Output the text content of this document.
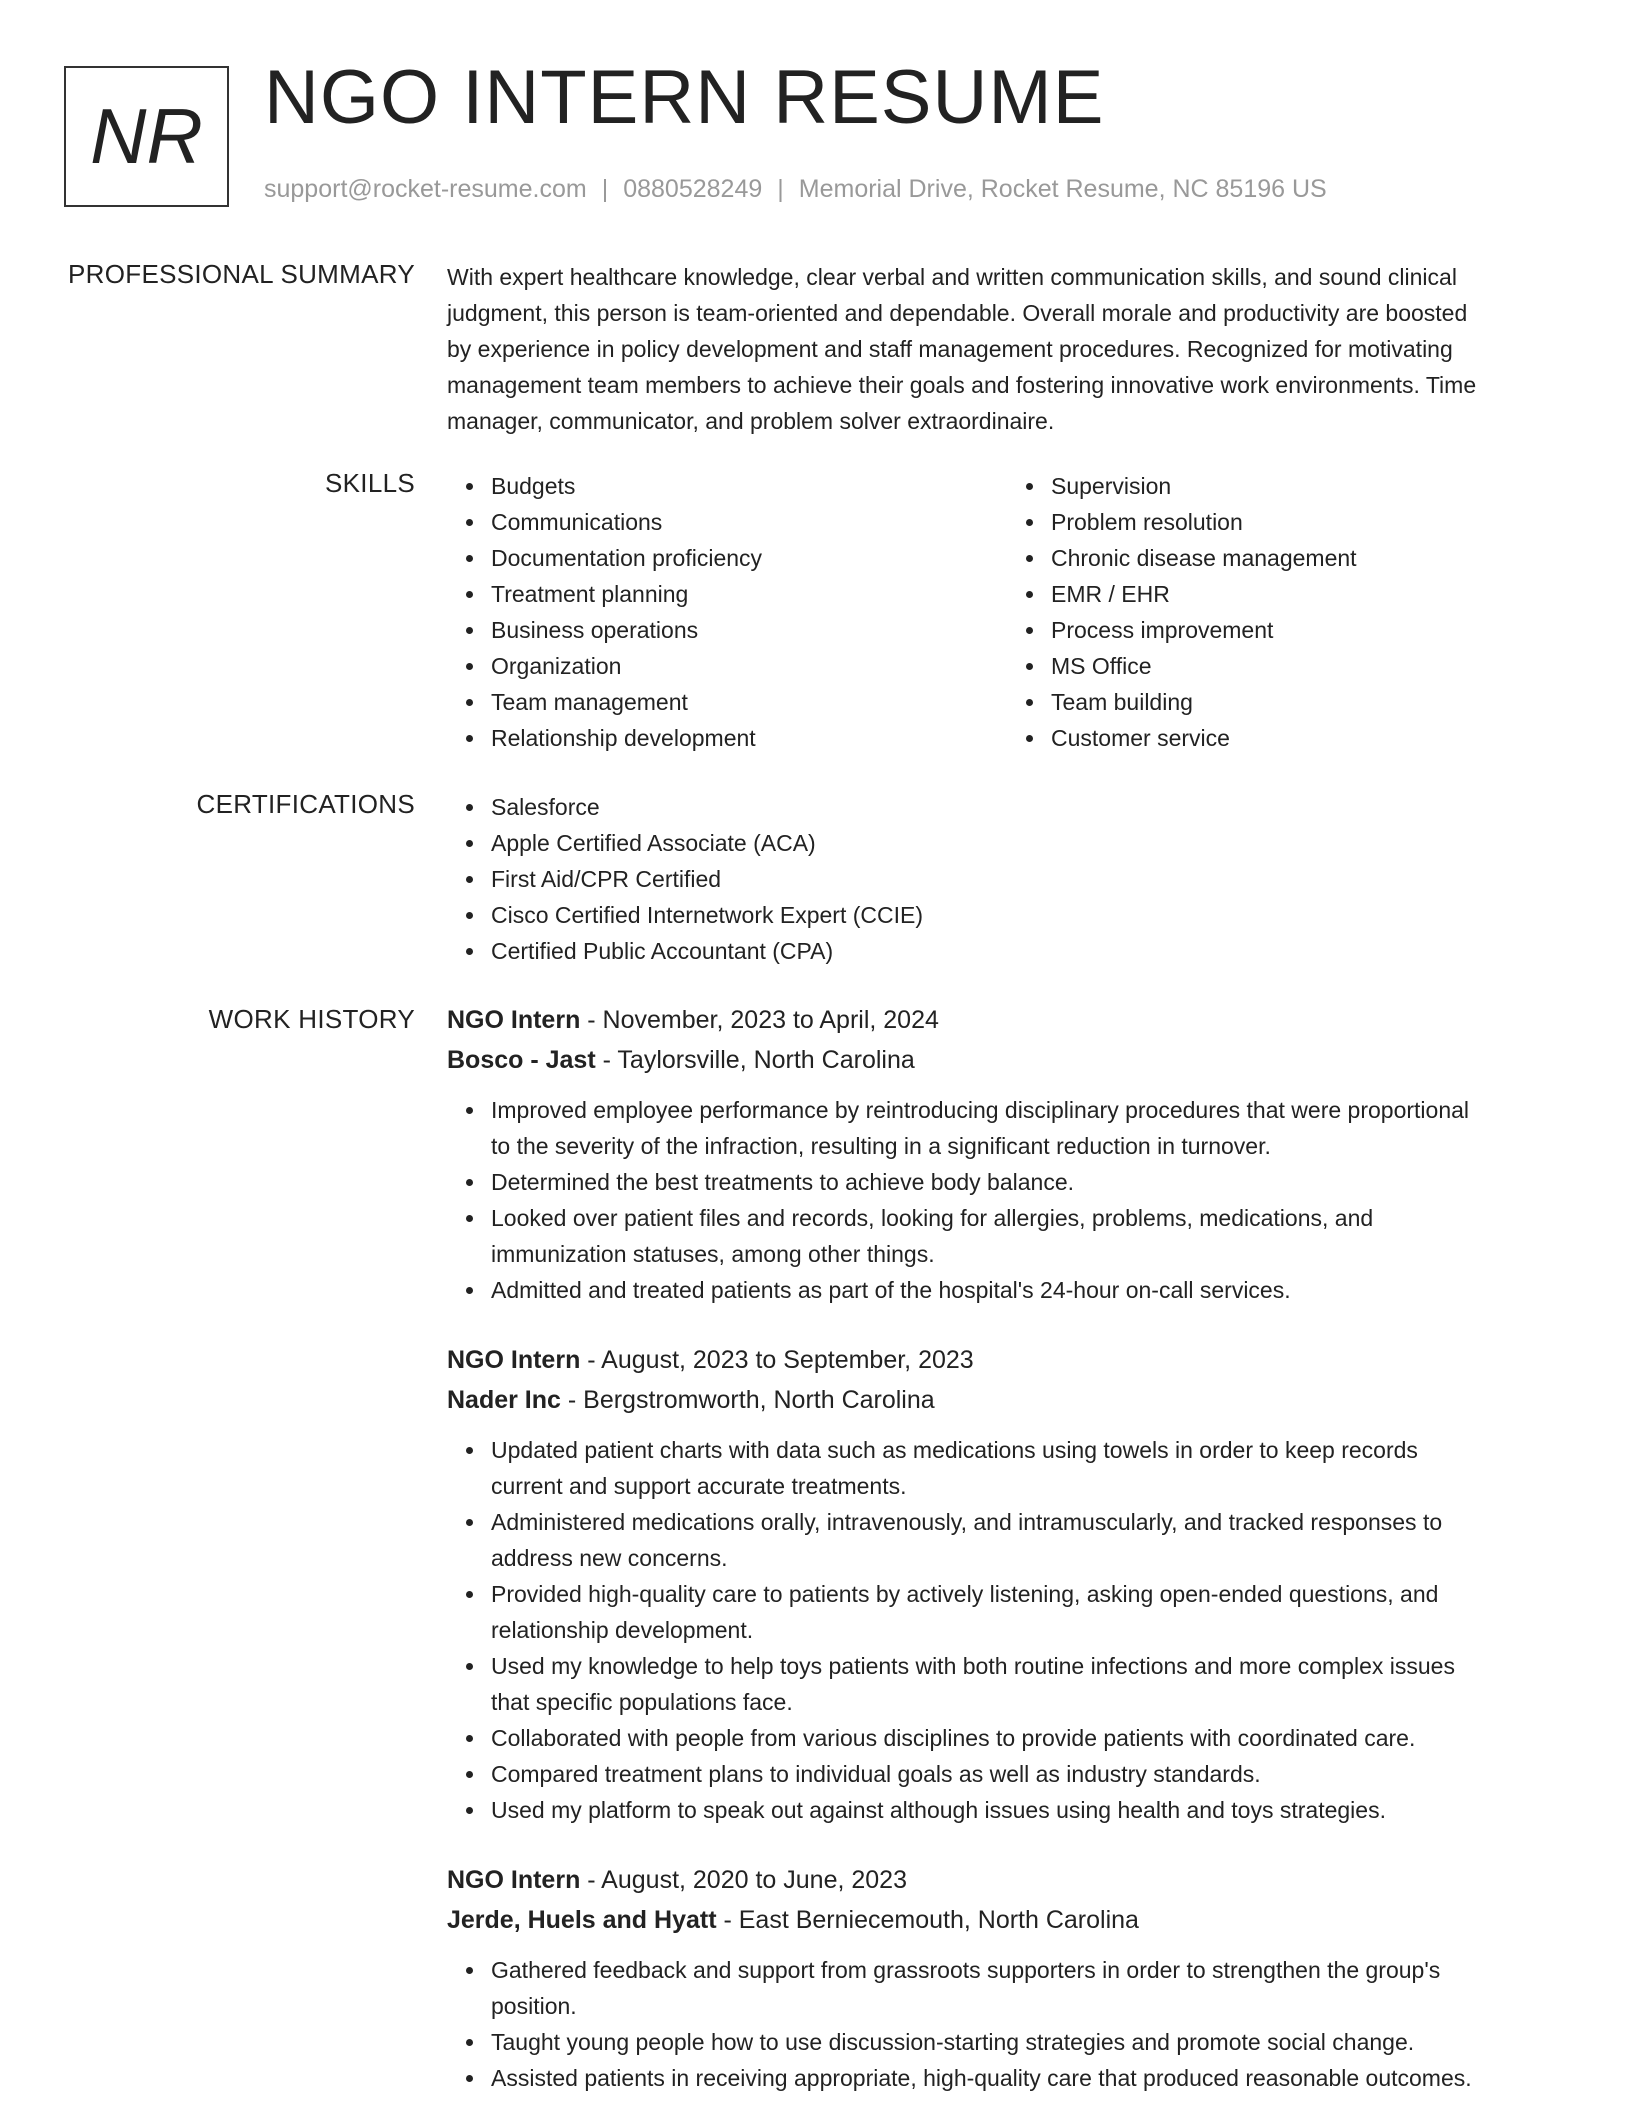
NR NGO INTERN RESUME
support@rocket-resume.com | 0880528249 | Memorial Drive, Rocket Resume, NC 85196 US
PROFESSIONAL SUMMARY With expert healthcare knowledge, clear verbal and written communication skills, and sound clinical
judgment, this person is team-oriented and dependable. Overall morale and productivity are boosted
by experience in policy development and staff management procedures. Recognized for motivating
management team members to achieve their goals and fostering innovative work environments. Time
manager, communicator, and problem solver extraordinaire.
SKILLS	Budgets
Communications
Documentation proficiency
Treatment planning
Business operations
Organization
Team management
Relationship development
Supervision
Problem resolution
Chronic disease management
EMR / EHR
Process improvement
MS Office
Team building
Customer service
CERTIFICATIONS	Salesforce
Apple Certified Associate (ACA)
First Aid/CPR Certified
Cisco Certified Internetwork Expert (CCIE)
Certified Public Accountant (CPA)
WORK HISTORY NGO Intern - November, 2023 to April, 2024
Bosco - Jast - Taylorsville, North Carolina
Improved employee performance by reintroducing disciplinary procedures that were proportional
to the severity of the infraction, resulting in a significant reduction in turnover.
Determined the best treatments to achieve body balance.
Looked over patient files and records, looking for allergies, problems, medications, and
immunization statuses, among other things.
Admitted and treated patients as part of the hospital's 24-hour on-call services.
NGO Intern - August, 2023 to September, 2023
Nader Inc - Bergstromworth, North Carolina
Updated patient charts with data such as medications using towels in order to keep records
current and support accurate treatments.
Administered medications orally, intravenously, and intramuscularly, and tracked responses to
address new concerns.
Provided high-quality care to patients by actively listening, asking open-ended questions, and
relationship development.
Used my knowledge to help toys patients with both routine infections and more complex issues
that specific populations face.
Collaborated with people from various disciplines to provide patients with coordinated care.
Compared treatment plans to individual goals as well as industry standards.
Used my platform to speak out against although issues using health and toys strategies.
NGO Intern - August, 2020 to June, 2023
Jerde, Huels and Hyatt - East Berniecemouth, North Carolina
Gathered feedback and support from grassroots supporters in order to strengthen the group's
position.
Taught young people how to use discussion-starting strategies and promote social change.
Assisted patients in receiving appropriate, high-quality care that produced reasonable outcomes.
